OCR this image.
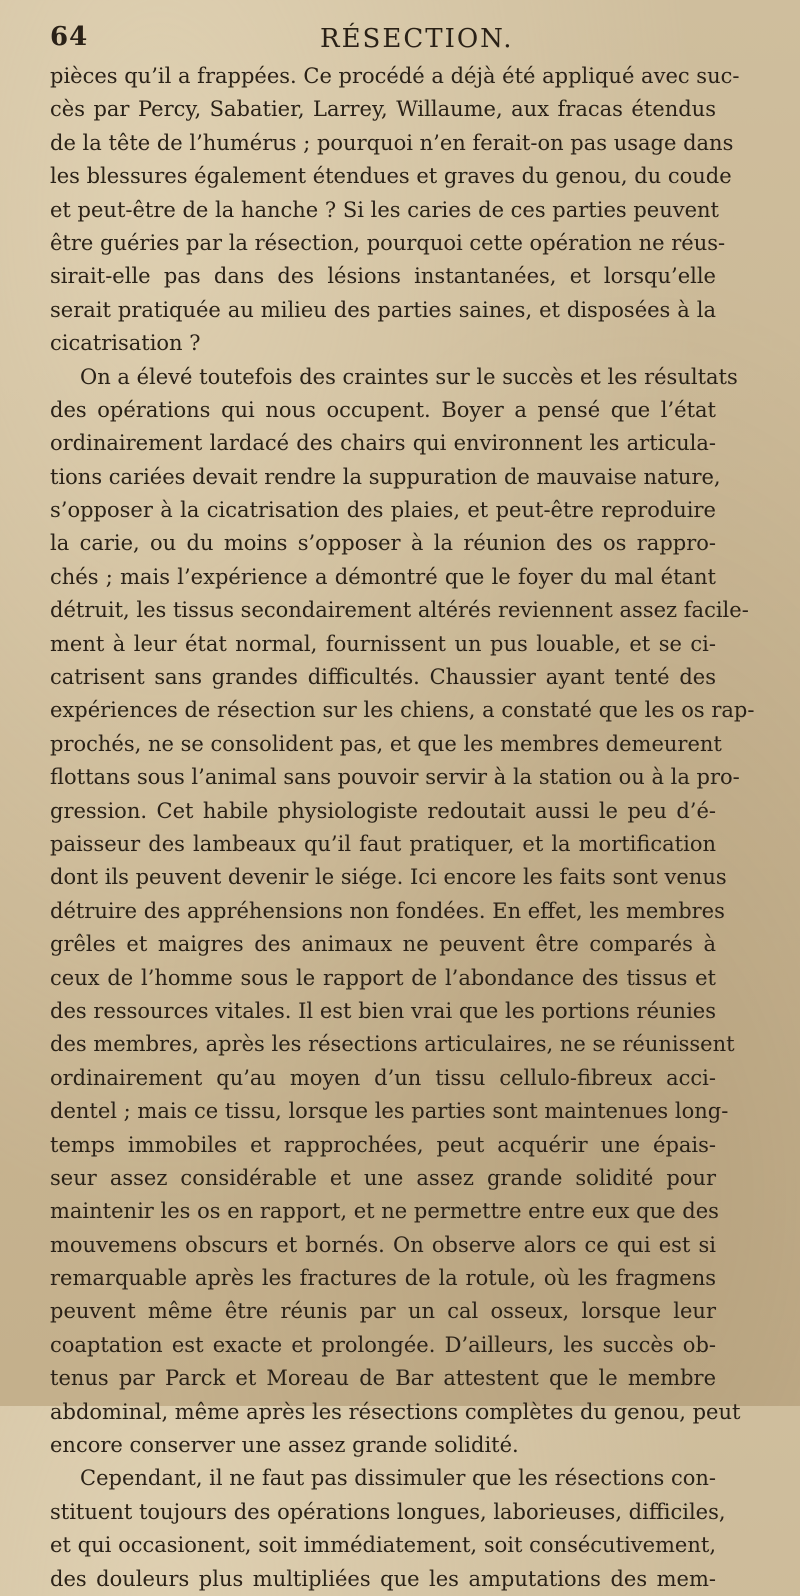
64	RÉSECTION.
pièces qu’il a frappées. Ce procédé a déjà été appliqué avec suc-
cès par Percy, Sabatier, Larrey, Willaume, aux fracas étendus
de la tête de l’humérus ; pourquoi n’en ferait-on pas usage dans
les blessures également étendues et graves du genou, du coude
et peut-être de la hanche ? Si les caries de ces parties peuvent
être guéries par la résection, pourquoi cette opération ne réus-
sirait-elle pas dans des lésions instantanées, et lorsqu’elle
serait pratiquée au milieu des parties saines, et disposées à la
cicatrisation ?
On a élevé toutefois des craintes sur le succès et les résultats
des opérations qui nous occupent. Boyer a pensé que l’état
ordinairement lardacé des chairs qui environnent les articula-
tions cariées devait rendre la suppuration de mauvaise nature,
s’opposer à la cicatrisation des plaies, et peut-être reproduire
la carie, ou du moins s’opposer à la réunion des os rappro-
chés ; mais l’expérience a démontré que le foyer du mal étant
détruit, les tissus secondairement altérés reviennent assez facile-
ment à leur état normal, fournissent un pus louable, et se ci-
catrisent sans grandes difficultés. Chaussier ayant tenté des
expériences de résection sur les chiens, a constaté que les os rap-
prochés, ne se consolident pas, et que les membres demeurent
flottans sous l’animal sans pouvoir servir à la station ou à la pro-
gression. Cet habile physiologiste redoutait aussi le peu d’é-
paisseur des lambeaux qu’il faut pratiquer, et la mortification
dont ils peuvent devenir le siége. Ici encore les faits sont venus
détruire des appréhensions non fondées. En effet, les membres
grêles et maigres des animaux ne peuvent être comparés à
ceux de l’homme sous le rapport de l’abondance des tissus et
des ressources vitales. Il est bien vrai que les portions réunies
des membres, après les résections articulaires, ne se réunissent
ordinairement qu’au moyen d’un tissu cellulo-fibreux acci-
dentel ; mais ce tissu, lorsque les parties sont maintenues long-
temps immobiles et rapprochées, peut acquérir une épais-
seur assez considérable et une assez grande solidité pour
maintenir les os en rapport, et ne permettre entre eux que des
mouvemens obscurs et bornés. On observe alors ce qui est si
remarquable après les fractures de la rotule, où les fragmens
peuvent même être réunis par un cal osseux, lorsque leur
coaptation est exacte et prolongée. D’ailleurs, les succès ob-
tenus par Parck et Moreau de Bar attestent que le membre
abdominal, même après les résections complètes du genou, peut
encore conserver une assez grande solidité.
Cependant, il ne faut pas dissimuler que les résections con-
stituent toujours des opérations longues, laborieuses, difficiles,
et qui occasionent, soit immédiatement, soit consécutivement,
des douleurs plus multipliées que les amputations des mem-
